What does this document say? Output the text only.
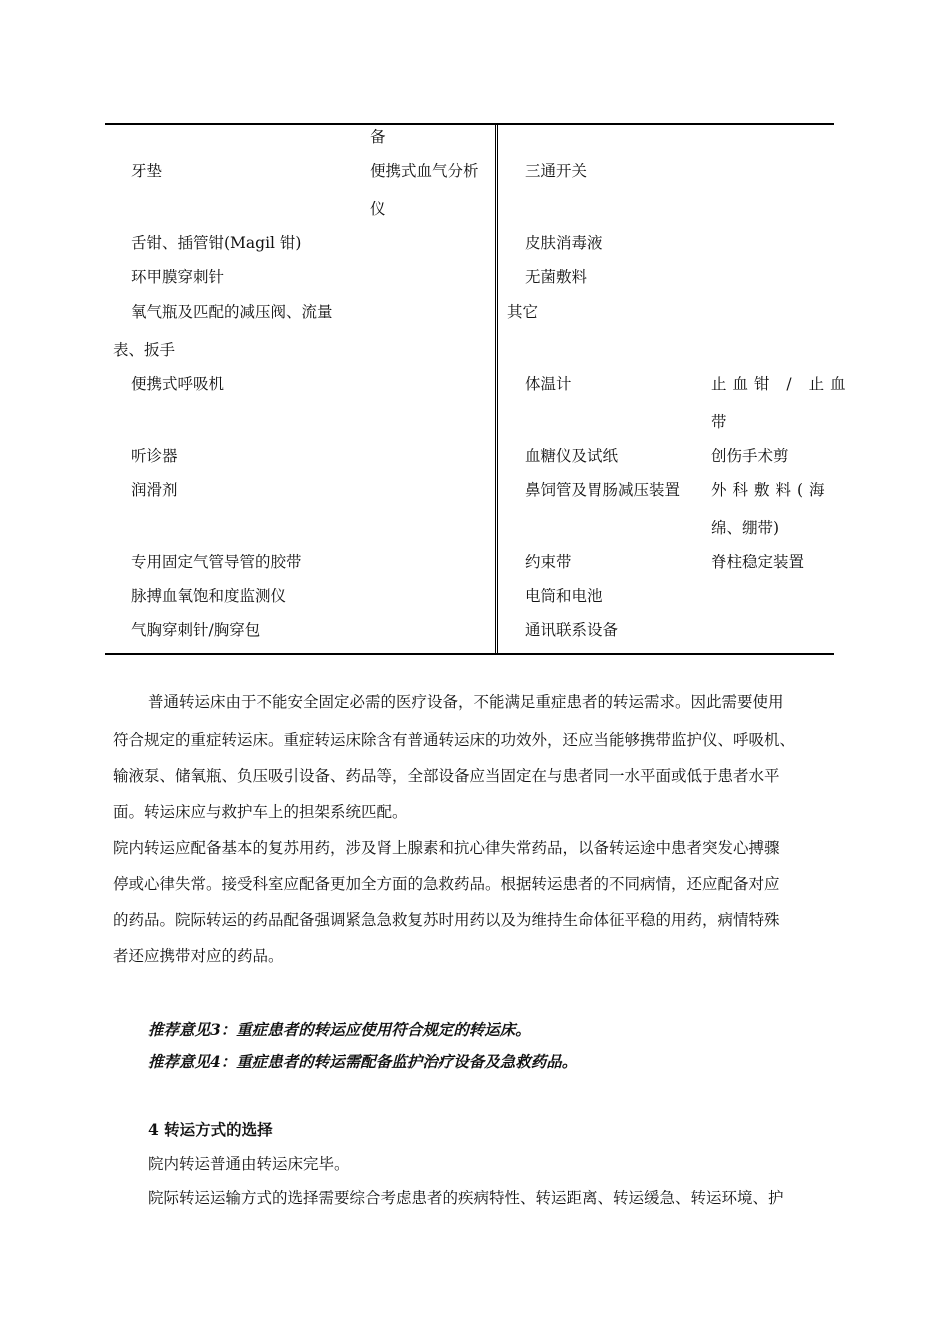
备
牙垫	便携式血气分析
仪
舌钳、插管钳(Magil 钳)
环甲膜穿刺针
氧气瓶及匹配的减压阀、流量
表、扳手
便携式呼吸机
听诊器
润滑剂
专用固定气管导管的胶带
脉搏血氧饱和度监测仪
气胸穿刺针/胸穿包
三通开关
皮肤消毒液
无菌敷料
其它
体温计
血糖仪及试纸
鼻饲管及胃肠减压装置
约束带
电筒和电池
通讯联系设备
止血钳 / 止血
带
创伤手术剪
外科敷料(海
绵、绷带)
脊柱稳定装置
普通转运床由于不能安全固定必需的医疗设备，不能满足重症患者的转运需求。因此需要使用
符合规定的重症转运床。重症转运床除含有普通转运床的功效外，还应当能够携带监护仪、呼吸机、
输液泵、储氧瓶、负压吸引设备、药品等，全部设备应当固定在与患者同一水平面或低于患者水平
面。转运床应与救护车上的担架系统匹配。
院内转运应配备基本的复苏用药，涉及肾上腺素和抗心律失常药品，以备转运途中患者突发心搏骤
停或心律失常。接受科室应配备更加全方面的急救药品。根据转运患者的不同病情，还应配备对应
的药品。院际转运的药品配备强调紧急急救复苏时用药以及为维持生命体征平稳的用药，病情特殊
者还应携带对应的药品。
推荐意见3：重症患者的转运应使用符合规定的转运床。
推荐意见4：重症患者的转运需配备监护治疗设备及急救药品。
4 转运方式的选择
院内转运普通由转运床完毕。
院际转运运输方式的选择需要综合考虑患者的疾病特性、转运距离、转运缓急、转运环境、护
